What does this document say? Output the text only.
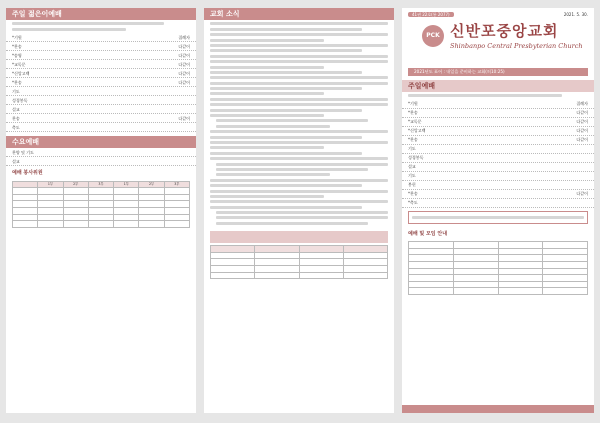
주일 젊은이예배
*기원	집례자
*찬송	다같이
*송영	다같이
*교독문	다같이
*신앙고백	다같이
*찬송	다같이
기도
성경봉독
설교
찬송	다같이
축도
수요예배
찬양 및 기도
설교
예배 봉사위원
	1부	2부	3부	1부	2부	3부

교회 소식

				41권 22호(통 2077)	2021. 5. 30.
PCK 신반포중앙교회
Shinbanpo Central Presbyterian Church
2021년도 표어 : 내일을 준비하는 교회(히10:25)
주일예배
*기원	집례자
*찬송	다같이
*교독문	다같이
*신앙고백	다같이
*찬송	다같이
기도
성경봉독
설교
기도
봉헌
*찬송	다같이
*축도
예배 및 모임 안내
